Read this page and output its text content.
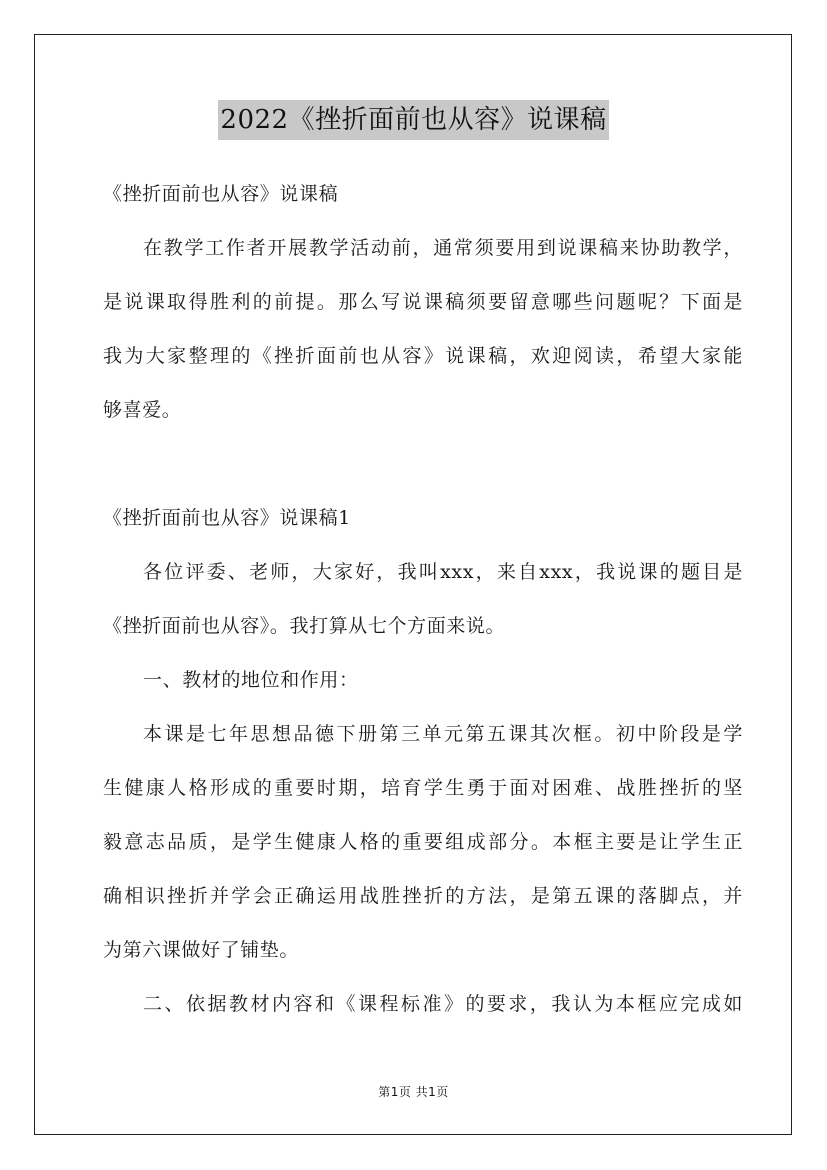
2022《挫折面前也从容》说课稿
《挫折面前也从容》说课稿
在教学工作者开展教学活动前，通常须要用到说课稿来协助教学，
是说课取得胜利的前提。那么写说课稿须要留意哪些问题呢？下面是
我为大家整理的《挫折面前也从容》说课稿，欢迎阅读，希望大家能
够喜爱。
《挫折面前也从容》说课稿1
各位评委、老师，大家好，我叫xxx，来自xxx，我说课的题目是
《挫折面前也从容》。我打算从七个方面来说。
一、教材的地位和作用：
本课是七年思想品德下册第三单元第五课其次框。初中阶段是学
生健康人格形成的重要时期，培育学生勇于面对困难、战胜挫折的坚
毅意志品质，是学生健康人格的重要组成部分。本框主要是让学生正
确相识挫折并学会正确运用战胜挫折的方法，是第五课的落脚点，并
为第六课做好了铺垫。
二、依据教材内容和《课程标准》的要求，我认为本框应完成如
第1页 共1页
